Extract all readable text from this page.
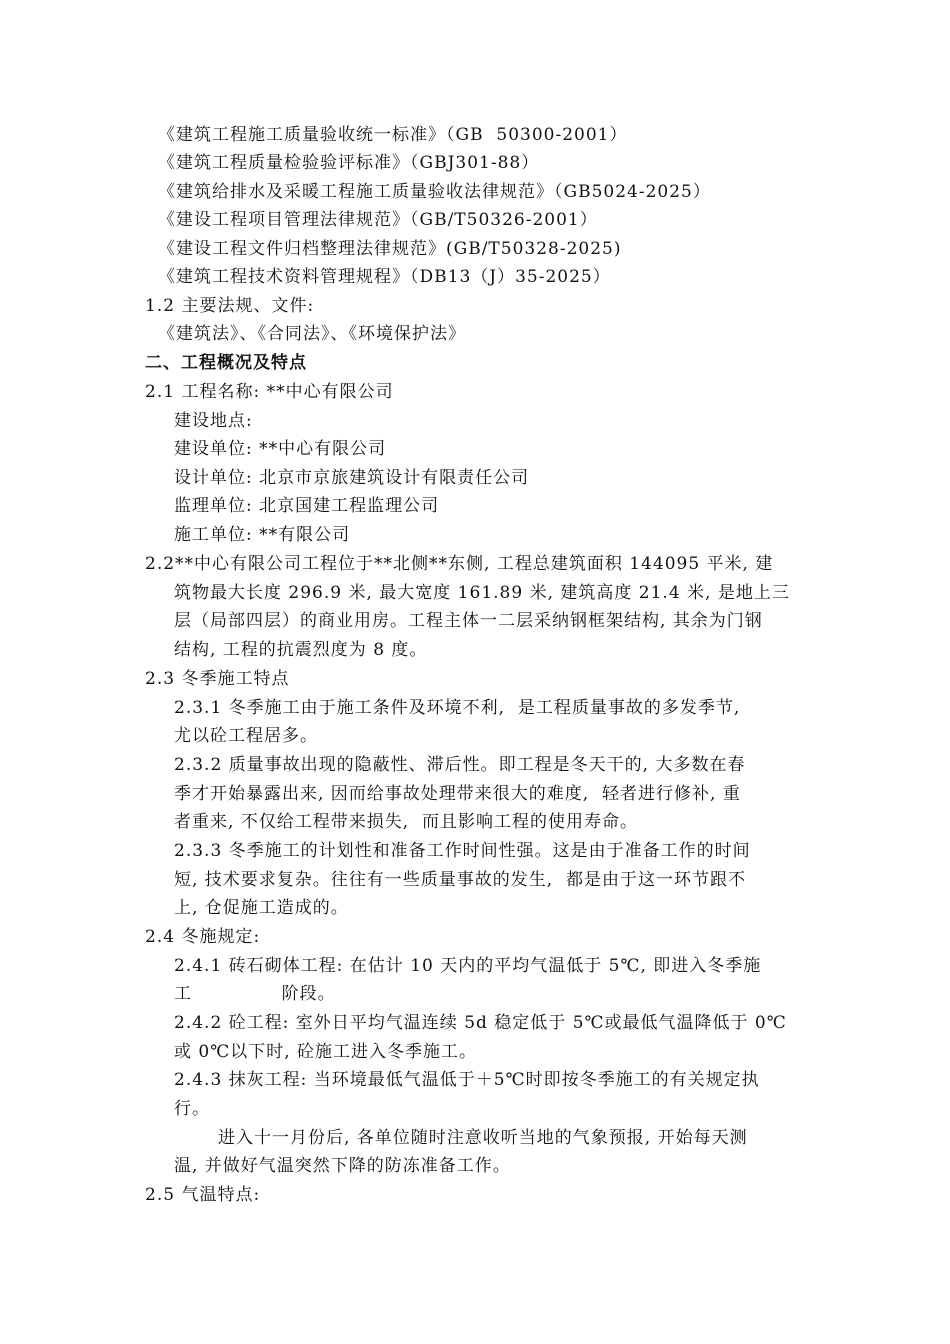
《建筑工程施工质量验收统一标准》（GB  50300-2001）
《建筑工程质量检验验评标准》（GBJ301-88）
《建筑给排水及采暖工程施工质量验收法律规范》（GB5024-2025）
《建设工程项目管理法律规范》（GB/T50326-2001）
《建设工程文件归档整理法律规范》(GB/T50328-2025)
《建筑工程技术资料管理规程》（DB13（J）35-2025）
1.2 主要法规、文件:
《建筑法》、《合同法》、《环境保护法》
二、工程概况及特点
2.1 工程名称: **中心有限公司
建设地点:
建设单位: **中心有限公司
设计单位: 北京市京旅建筑设计有限责任公司
监理单位: 北京国建工程监理公司
施工单位: **有限公司
2.2**中心有限公司工程位于**北侧**东侧, 工程总建筑面积 144095 平米, 建
筑物最大长度 296.9 米, 最大宽度 161.89 米, 建筑高度 21.4 米, 是地上三
层（局部四层）的商业用房。工程主体一二层采纳钢框架结构, 其余为门钢
结构, 工程的抗震烈度为 8 度。
2.3 冬季施工特点
2.3.1 冬季施工由于施工条件及环境不利,  是工程质量事故的多发季节,
尤以砼工程居多。
2.3.2 质量事故出现的隐蔽性、滞后性。即工程是冬天干的, 大多数在春
季才开始暴露出来, 因而给事故处理带来很大的难度,  轻者进行修补, 重
者重来, 不仅给工程带来损失,  而且影响工程的使用寿命。
2.3.3 冬季施工的计划性和准备工作时间性强。这是由于准备工作的时间
短, 技术要求复杂。往往有一些质量事故的发生,  都是由于这一环节跟不
上, 仓促施工造成的。
2.4 冬施规定:
2.4.1 砖石砌体工程: 在估计 10 天内的平均气温低于 5℃, 即进入冬季施
工              阶段。
2.4.2 砼工程: 室外日平均气温连续 5d 稳定低于 5℃或最低气温降低于 0℃
或 0℃以下时, 砼施工进入冬季施工。
2.4.3 抹灰工程: 当环境最低气温低于＋5℃时即按冬季施工的有关规定执
行。
进入十一月份后, 各单位随时注意收听当地的气象预报, 开始每天测
温, 并做好气温突然下降的防冻准备工作。
2.5 气温特点:
